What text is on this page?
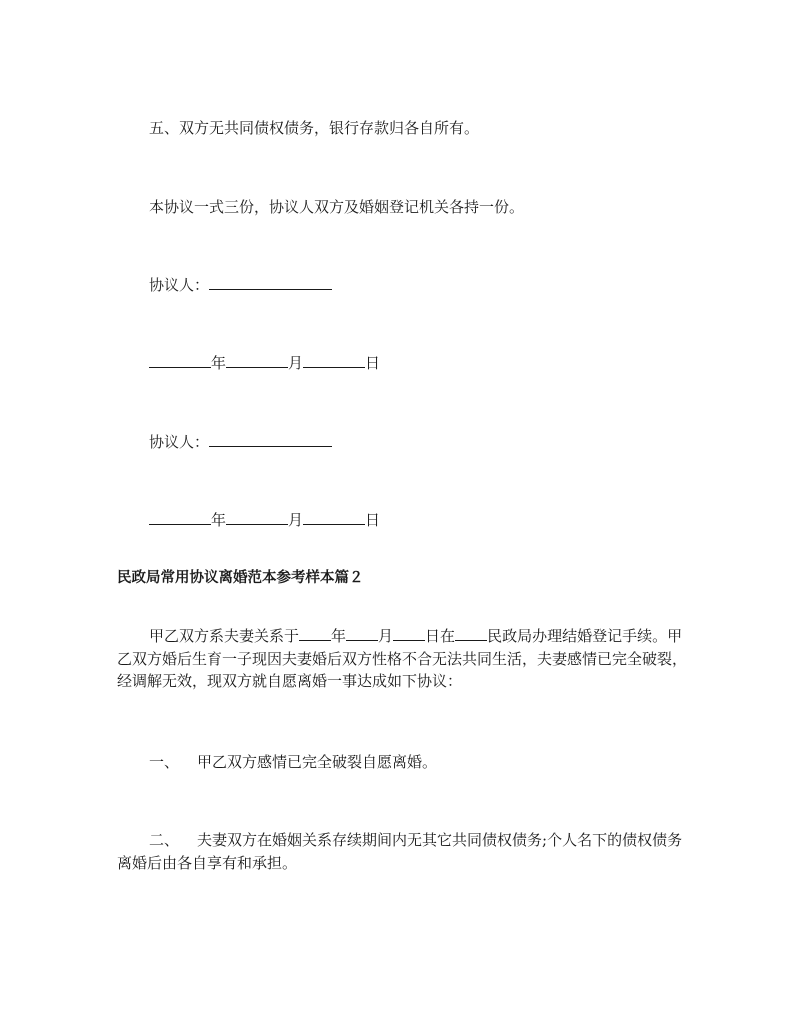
五、双方无共同债权债务，银行存款归各自所有。
本协议一式三份，协议人双方及婚姻登记机关各持一份。
协议人：
年	月	日
协议人：
年	月	日
民政局常用协议离婚范本参考样本篇２
甲乙双方系夫妻关系于 年 月 日在 民政局办理结婚登记手续。甲乙双方婚后生育一子现因夫妻婚后双方性格不合无法共同生活，夫妻感情已完全破裂，经调解无效，现双方就自愿离婚一事达成如下协议：
一、 甲乙双方感情已完全破裂自愿离婚。
二、 夫妻双方在婚姻关系存续期间内无其它共同债权债务;个人名下的债权债务离婚后由各自享有和承担。
